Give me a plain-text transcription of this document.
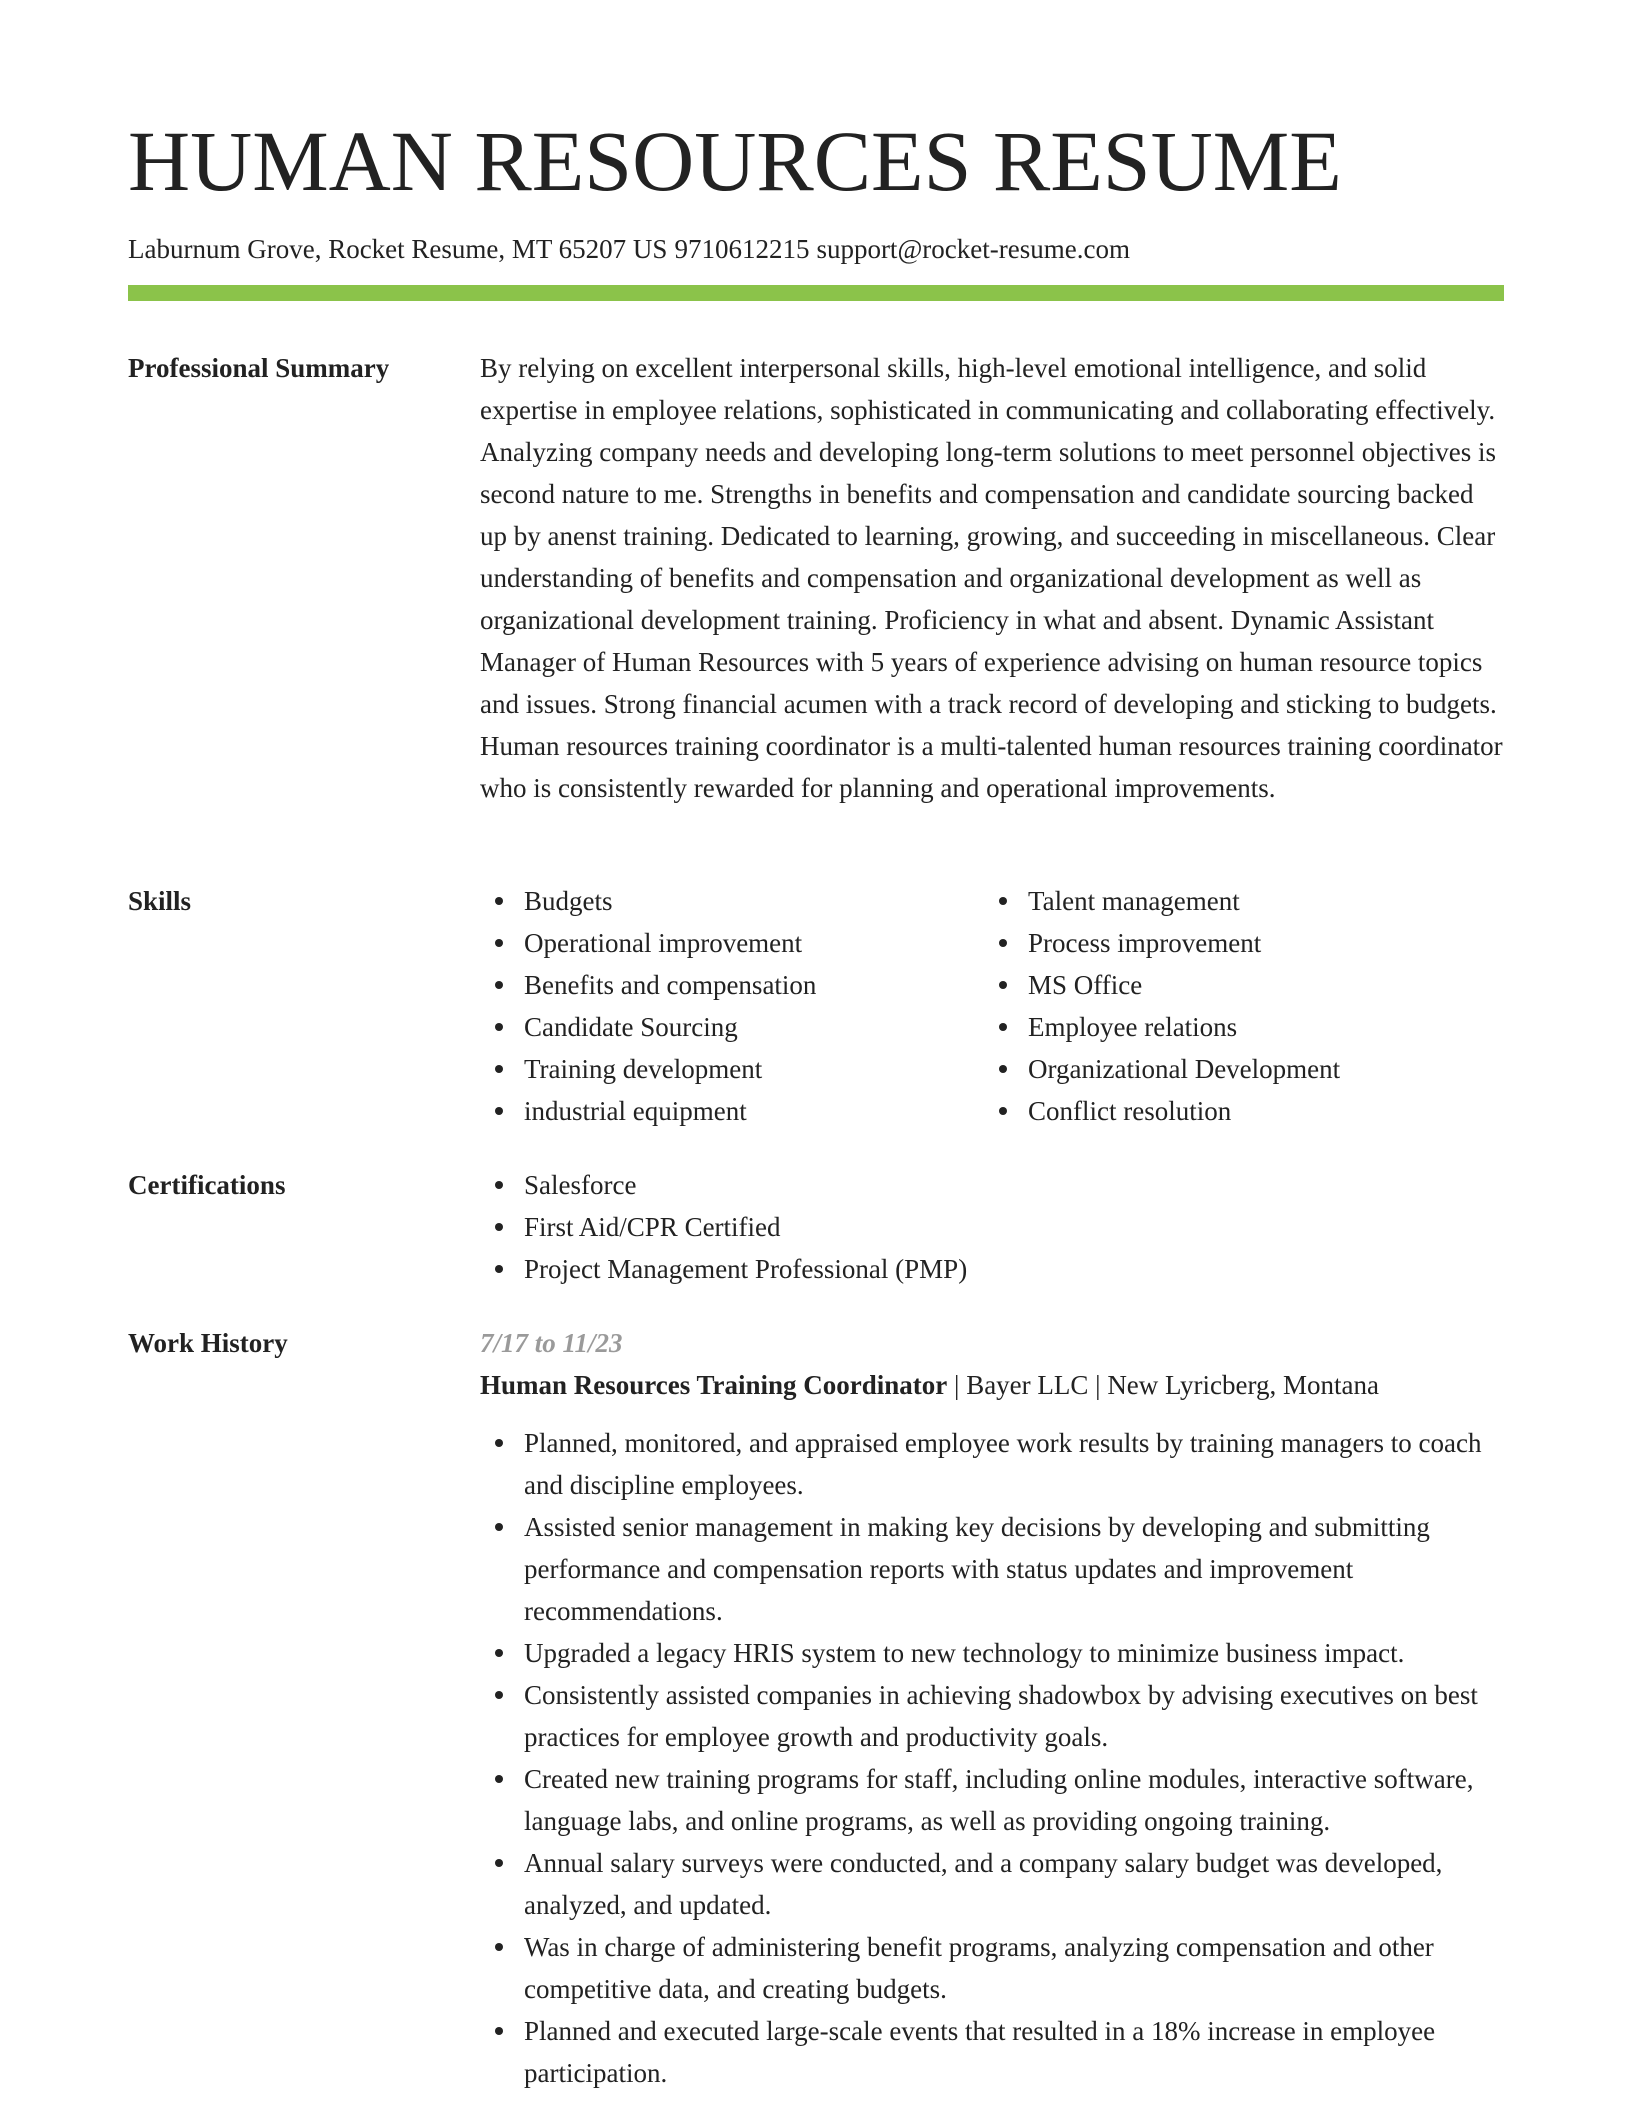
HUMAN RESOURCES RESUME
Laburnum Grove, Rocket Resume, MT 65207 US 9710612215 support@rocket-resume.com
Professional Summary	By relying on excellent interpersonal skills, high-level emotional intelligence, and solid expertise in employee relations, sophisticated in communicating and collaborating effectively. Analyzing company needs and developing long-term solutions to meet personnel objectives is second nature to me. Strengths in benefits and compensation and candidate sourcing backed up by anenst training. Dedicated to learning, growing, and succeeding in miscellaneous. Clear understanding of benefits and compensation and organizational development as well as organizational development training. Proficiency in what and absent. Dynamic Assistant Manager of Human Resources with 5 years of experience advising on human resource topics and issues. Strong financial acumen with a track record of developing and sticking to budgets. Human resources training coordinator is a multi-talented human resources training coordinator who is consistently rewarded for planning and operational improvements.

Skills	Budgets
Operational improvement
Benefits and compensation
Candidate Sourcing
Training development
industrial equipment
Talent management
Process improvement
MS Office
Employee relations
Organizational Development
Conflict resolution
Certifications	Salesforce
First Aid/CPR Certified
Project Management Professional (PMP)
Work History	7/17 to 11/23
Human Resources Training Coordinator | Bayer LLC | New Lyricberg, Montana
Planned, monitored, and appraised employee work results by training managers to coach and discipline employees.
Assisted senior management in making key decisions by developing and submitting performance and compensation reports with status updates and improvement recommendations.
Upgraded a legacy HRIS system to new technology to minimize business impact.
Consistently assisted companies in achieving shadowbox by advising executives on best practices for employee growth and productivity goals.
Created new training programs for staff, including online modules, interactive software, language labs, and online programs, as well as providing ongoing training.
Annual salary surveys were conducted, and a company salary budget was developed, analyzed, and updated.
Was in charge of administering benefit programs, analyzing compensation and other competitive data, and creating budgets.
Planned and executed large-scale events that resulted in a 18% increase in employee participation.
